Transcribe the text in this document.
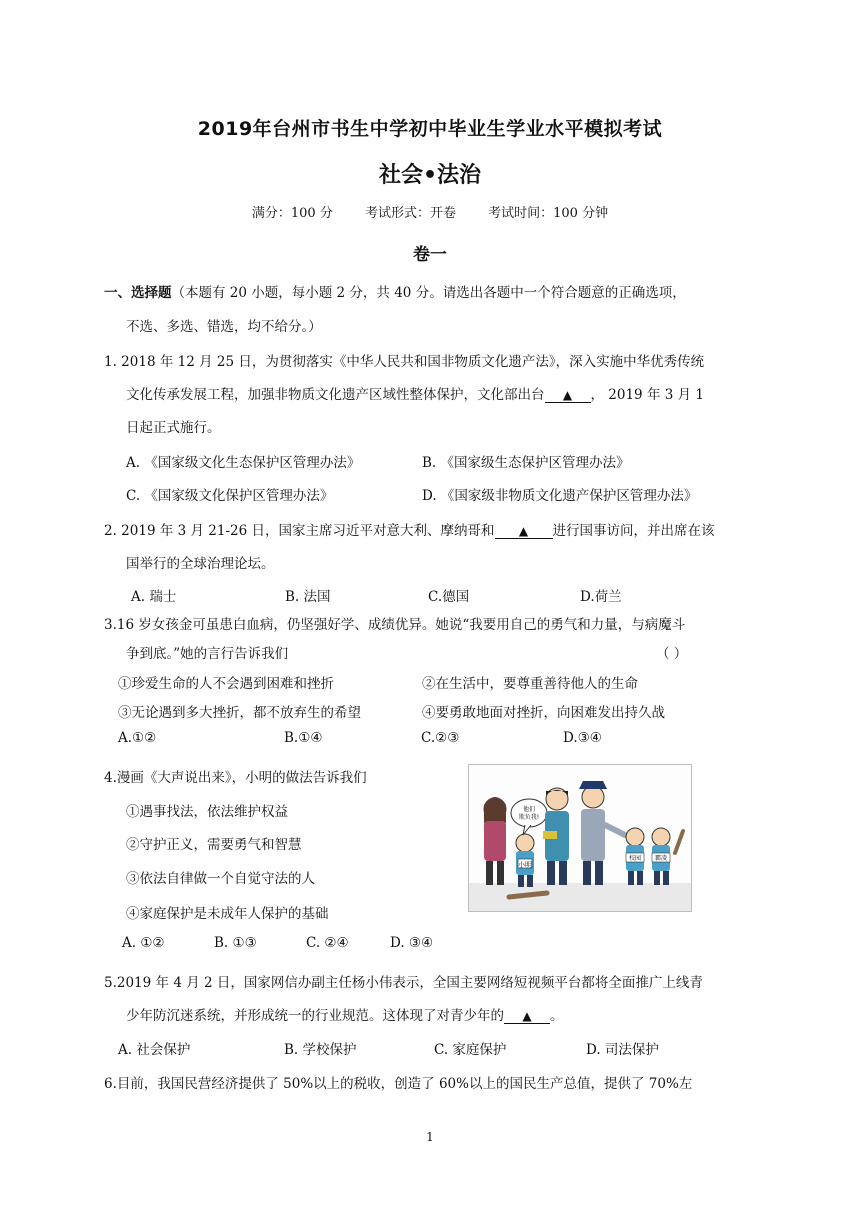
2019年台州市书生中学初中毕业生学业水平模拟考试
社会•法治
满分：100 分 考试形式：开卷 考试时间：100 分钟
卷一
一、选择题（本题有 20 小题，每小题 2 分，共 40 分。请选出各题中一个符合题意的正确选项，
不选、多选、错选，均不给分。）
1. 2018 年 12 月 25 日，为贯彻落实《中华人民共和国非物质文化遗产法》，深入实施中华优秀传统
文化传承发展工程，加强非物质文化遗产区域性整体保护，文化部出台 ▲ ， 2019 年 3 月 1
日起正式施行。
A. 《国家级文化生态保护区管理办法》	B. 《国家级生态保护区管理办法》
C. 《国家级文化保护区管理办法》	D. 《国家级非物质文化遗产保护区管理办法》
2. 2019 年 3 月 21-26 日，国家主席习近平对意大利、摩纳哥和 ▲ 进行国事访问，并出席在该
国举行的全球治理论坛。
A. 瑞士	B. 法国	C.德国	D.荷兰
3.16 岁女孩金可虽患白血病，仍坚强好学、成绩优异。她说“我要用自己的勇气和力量，与病魔斗
争到底。”她的言行告诉我们	（ ）
①珍爱生命的人不会遇到困难和挫折	②在生活中，要尊重善待他人的生命
③无论遇到多大挫折，都不放弃生的希望	④要勇敢地面对挫折，向困难发出持久战
A.①②	B.①④	C.②③	D.③④
4.漫画《大声说出来》，小明的做法告诉我们
①遇事找法，依法维护权益
②守护正义，需要勇气和智慧
③依法自律做一个自觉守法的人
④家庭保护是未成年人保护的基础
A. ①②	B. ①③	C. ②④	D. ③④
小明
他们
欺负我!
校园 霸凌
5.2019 年 4 月 2 日，国家网信办副主任杨小伟表示，全国主要网络短视频平台都将全面推广上线青
少年防沉迷系统，并形成统一的行业规范。这体现了对青少年的 ▲ 。
A. 社会保护	B. 学校保护	C. 家庭保护	D. 司法保护
6.目前，我国民营经济提供了 50%以上的税收，创造了 60%以上的国民生产总值，提供了 70%左
1
